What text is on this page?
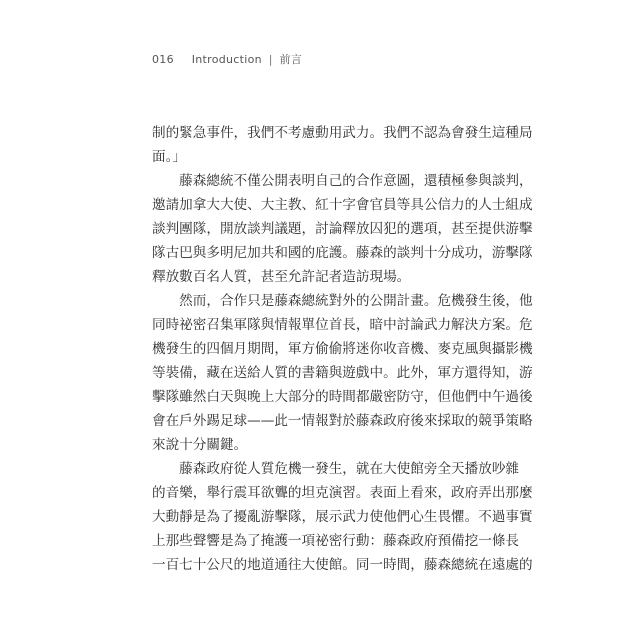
016 Introduction | 前言
制的緊急事件，我們不考慮動用武力。我們不認為會發生這種局
面。」
　　藤森總統不僅公開表明自己的合作意圖，還積極參與談判，
邀請加拿大大使、大主教、紅十字會官員等具公信力的人士組成
談判團隊，開放談判議題，討論釋放囚犯的選項，甚至提供游擊
隊古巴與多明尼加共和國的庇護。藤森的談判十分成功，游擊隊
釋放數百名人質，甚至允許記者造訪現場。
　　然而，合作只是藤森總統對外的公開計畫。危機發生後，他
同時祕密召集軍隊與情報單位首長，暗中討論武力解決方案。危
機發生的四個月期間，軍方偷偷將迷你收音機、麥克風與攝影機
等裝備，藏在送給人質的書籍與遊戲中。此外，軍方還得知，游
擊隊雖然白天與晚上大部分的時間都嚴密防守，但他們中午過後
會在戶外踢足球——此一情報對於藤森政府後來採取的競爭策略
來說十分關鍵。
　　藤森政府從人質危機一發生，就在大使館旁全天播放吵雜
的音樂，舉行震耳欲聾的坦克演習。表面上看來，政府弄出那麼
大動靜是為了擾亂游擊隊，展示武力使他們心生畏懼。不過事實
上那些聲響是為了掩護一項祕密行動：藤森政府預備挖一條長
一百七十公尺的地道通往大使館。同一時間，藤森總統在遠處的
